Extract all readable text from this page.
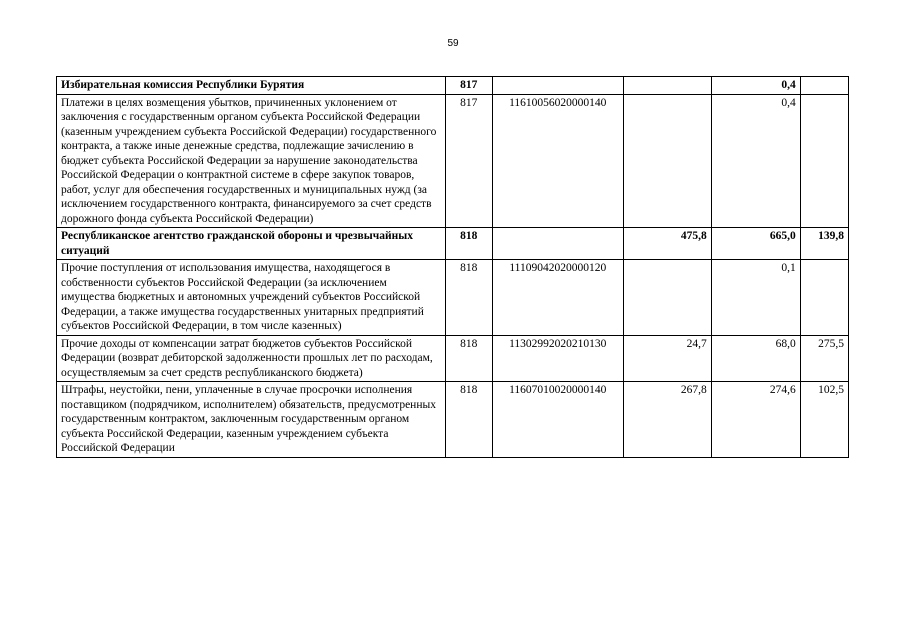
59
Избирательная комиссия Республики Бурятия	817			0,4	
Платежи в целях возмещения убытков, причиненных уклонением от заключения с государственным органом субъекта Российской Федерации (казенным учреждением субъекта Российской Федерации) государственного контракта, а также иные денежные средства, подлежащие зачислению в бюджет субъекта Российской Федерации за нарушение законодательства Российской Федерации о контрактной системе в сфере закупок товаров, работ, услуг для обеспечения государственных и муниципальных нужд (за исключением государственного контракта, финансируемого за счет средств дорожного фонда субъекта Российской Федерации)	817	11610056020000140		0,4	
Республиканское агентство гражданской обороны и чрезвычайных ситуаций	818		475,8	665,0	139,8
Прочие поступления от использования имущества, находящегося в собственности субъектов Российской Федерации (за исключением имущества бюджетных и автономных учреждений субъектов Российской Федерации, а также имущества государственных унитарных предприятий субъектов Российской Федерации, в том числе казенных)	818	11109042020000120		0,1	
Прочие доходы от компенсации затрат бюджетов субъектов Российской Федерации (возврат дебиторской задолженности прошлых лет по расходам, осуществляемым за счет средств республиканского бюджета)	818	11302992020210130	24,7	68,0	275,5
Штрафы, неустойки, пени, уплаченные в случае просрочки исполнения поставщиком (подрядчиком, исполнителем) обязательств, предусмотренных государственным контрактом, заключенным государственным органом субъекта Российской Федерации, казенным учреждением субъекта Российской Федерации	818	11607010020000140	267,8	274,6	102,5
